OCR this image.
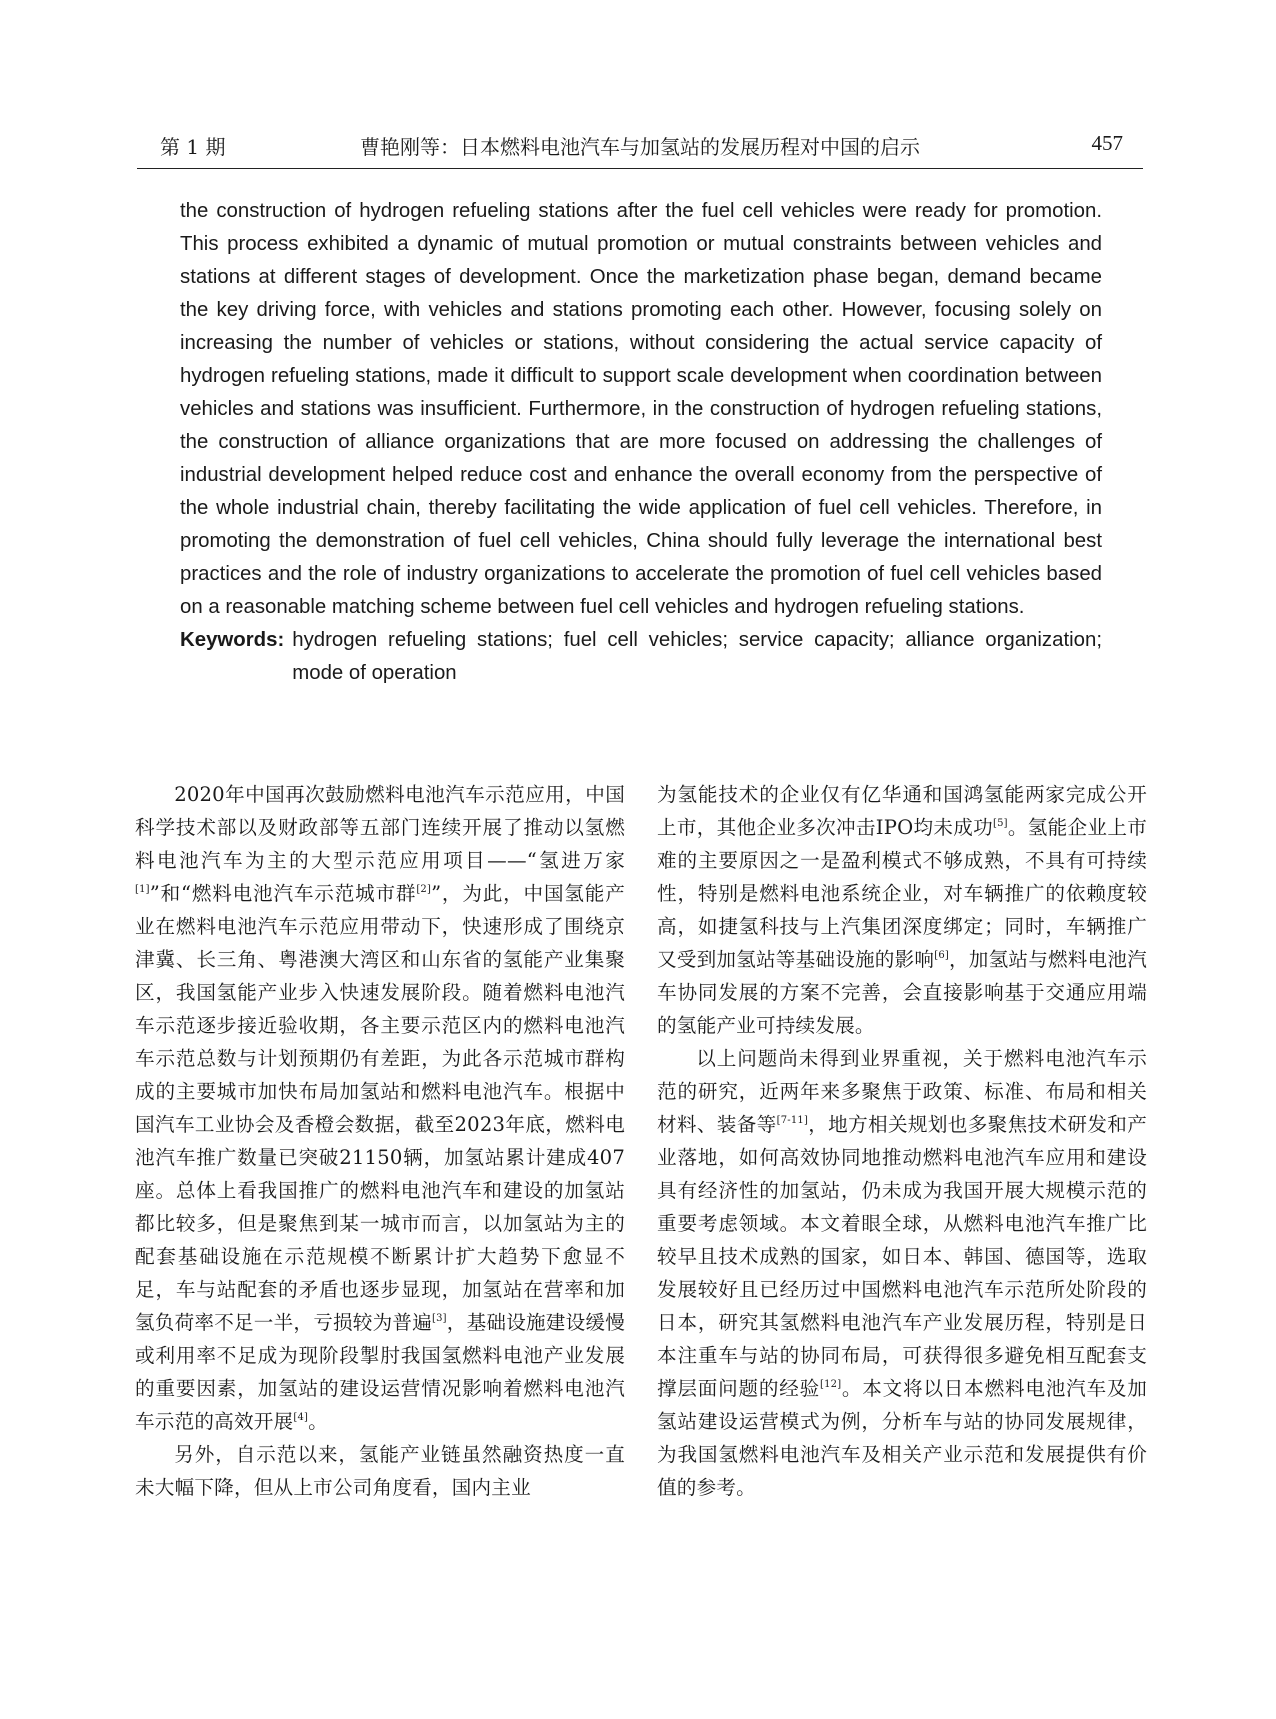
第 1 期	曹艳刚等：日本燃料电池汽车与加氢站的发展历程对中国的启示	457
the construction of hydrogen refueling stations after the fuel cell vehicles were ready for promotion. This process exhibited a dynamic of mutual promotion or mutual constraints between vehicles and stations at different stages of development. Once the marketization phase began, demand became the key driving force, with vehicles and stations promoting each other. However, focusing solely on increasing the number of vehicles or stations, without considering the actual service capacity of hydrogen refueling stations, made it difficult to support scale development when coordination between vehicles and stations was insufficient. Furthermore, in the construction of hydrogen refueling stations, the construction of alliance organizations that are more focused on addressing the challenges of industrial development helped reduce cost and enhance the overall economy from the perspective of the whole industrial chain, thereby facilitating the wide application of fuel cell vehicles. Therefore, in promoting the demonstration of fuel cell vehicles, China should fully leverage the international best practices and the role of industry organizations to accelerate the promotion of fuel cell vehicles based on a reasonable matching scheme between fuel cell vehicles and hydrogen refueling stations.
Keywords: hydrogen refueling stations; fuel cell vehicles; service capacity; alliance organization; mode of operation

2020年中国再次鼓励燃料电池汽车示范应用，中国科学技术部以及财政部等五部门连续开展了推动以氢燃料电池汽车为主的大型示范应用项目——“氢进万家[1]”和“燃料电池汽车示范城市群[2]”，为此，中国氢能产业在燃料电池汽车示范应用带动下，快速形成了围绕京津冀、长三角、粤港澳大湾区和山东省的氢能产业集聚区，我国氢能产业步入快速发展阶段。随着燃料电池汽车示范逐步接近验收期，各主要示范区内的燃料电池汽车示范总数与计划预期仍有差距，为此各示范城市群构成的主要城市加快布局加氢站和燃料电池汽车。根据中国汽车工业协会及香橙会数据，截至2023年底，燃料电池汽车推广数量已突破21150辆，加氢站累计建成407座。总体上看我国推广的燃料电池汽车和建设的加氢站都比较多，但是聚焦到某一城市而言，以加氢站为主的配套基础设施在示范规模不断累计扩大趋势下愈显不足，车与站配套的矛盾也逐步显现，加氢站在营率和加氢负荷率不足一半，亏损较为普遍[3]，基础设施建设缓慢或利用率不足成为现阶段掣肘我国氢燃料电池产业发展的重要因素，加氢站的建设运营情况影响着燃料电池汽车示范的高效开展[4]。

另外，自示范以来，氢能产业链虽然融资热度一直未大幅下降，但从上市公司角度看，国内主业

为氢能技术的企业仅有亿华通和国鸿氢能两家完成公开上市，其他企业多次冲击IPO均未成功[5]。氢能企业上市难的主要原因之一是盈利模式不够成熟，不具有可持续性，特别是燃料电池系统企业，对车辆推广的依赖度较高，如捷氢科技与上汽集团深度绑定；同时，车辆推广又受到加氢站等基础设施的影响[6]，加氢站与燃料电池汽车协同发展的方案不完善，会直接影响基于交通应用端的氢能产业可持续发展。

以上问题尚未得到业界重视，关于燃料电池汽车示范的研究，近两年来多聚焦于政策、标准、布局和相关材料、装备等[7-11]，地方相关规划也多聚焦技术研发和产业落地，如何高效协同地推动燃料电池汽车应用和建设具有经济性的加氢站，仍未成为我国开展大规模示范的重要考虑领域。本文着眼全球，从燃料电池汽车推广比较早且技术成熟的国家，如日本、韩国、德国等，选取发展较好且已经历过中国燃料电池汽车示范所处阶段的日本，研究其氢燃料电池汽车产业发展历程，特别是日本注重车与站的协同布局，可获得很多避免相互配套支撑层面问题的经验[12]。本文将以日本燃料电池汽车及加氢站建设运营模式为例，分析车与站的协同发展规律，为我国氢燃料电池汽车及相关产业示范和发展提供有价值的参考。
